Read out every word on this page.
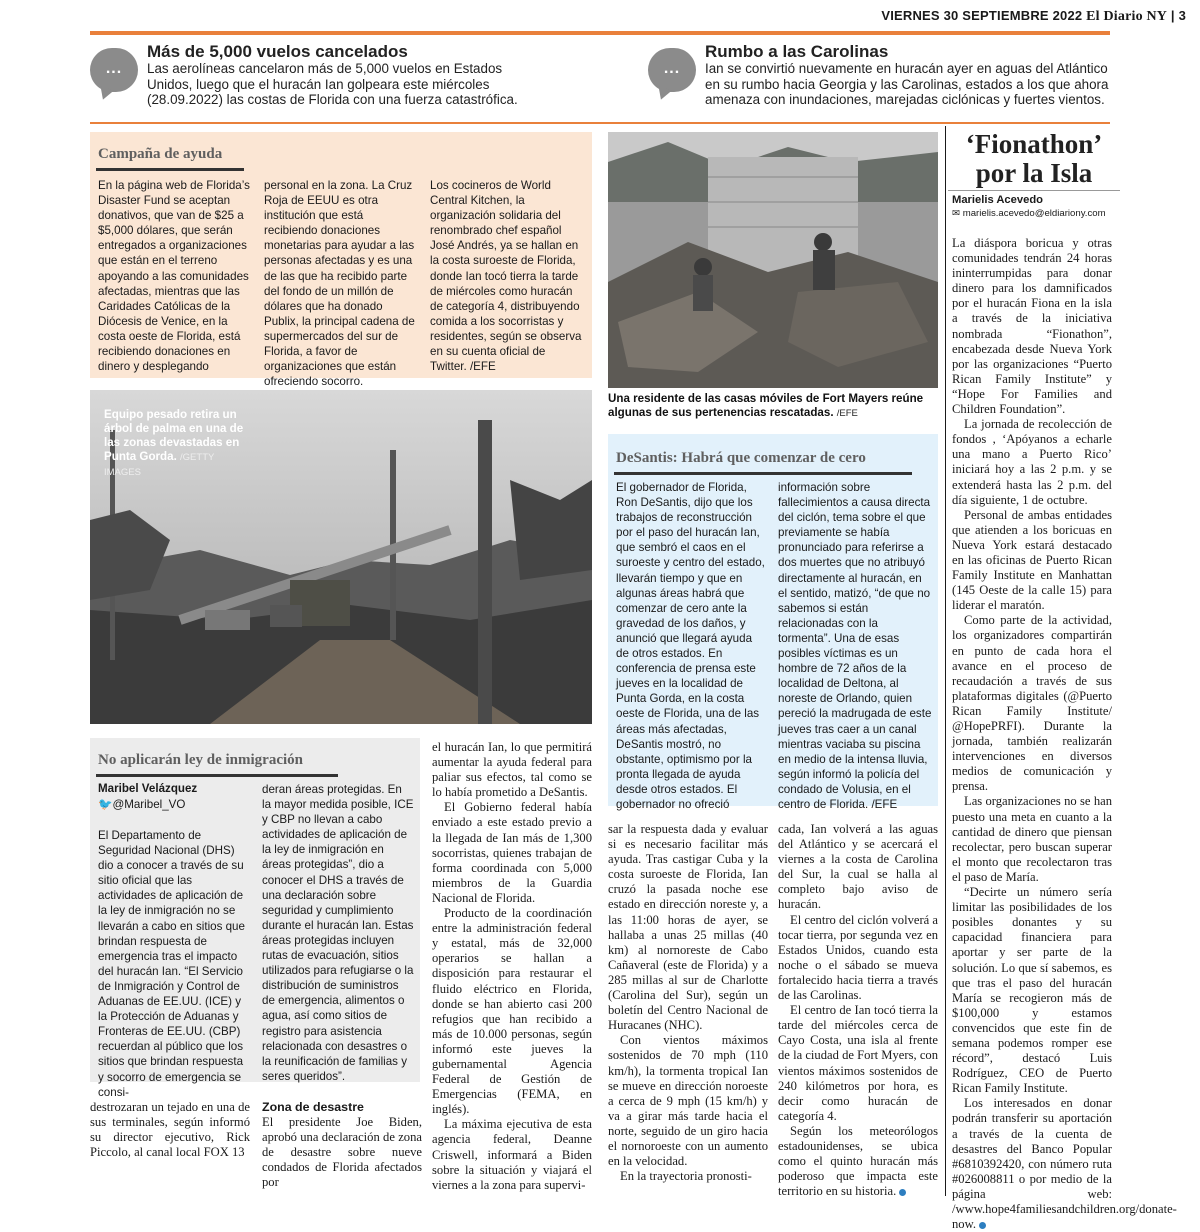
VIERNES 30 SEPTIEMBRE 2022 El Diario NY | 3
...
Más de 5,000 vuelos cancelados

Las aerolíneas cancelaron más de 5,000 vuelos en Estados Unidos, luego que el huracán Ian golpeara este miércoles (28.09.2022) las costas de Florida con una fuerza catastrófica.

...
Rumbo a las Carolinas

Ian se convirtió nuevamente en huracán ayer en aguas del Atlántico en su rumbo hacia Georgia y las Carolinas, estados a los que ahora amenaza con inundaciones, marejadas ciclónicas y fuertes vientos.

Campaña de ayuda
En la página web de Florida’s Disaster Fund se aceptan donativos, que van de $25 a $5,000 dólares, que serán entregados a organizaciones que están en el terreno apoyando a las comunidades afectadas, mientras que las Caridades Católicas de la Diócesis de Venice, en la costa oeste de Florida, está recibiendo donaciones en dinero y desplegando
personal en la zona. La Cruz Roja de EEUU es otra institución que está recibiendo donaciones monetarias para ayudar a las personas afectadas y es una de las que ha recibido parte del fondo de un millón de dólares que ha donado Publix, la principal cadena de supermercados del sur de Florida, a favor de organizaciones que están ofreciendo socorro.
Los cocineros de World Central Kitchen, la organización solidaria del renombrado chef español José Andrés, ya se hallan en la costa suroeste de Florida, donde Ian tocó tierra la tarde de miércoles como huracán de categoría 4, distribuyendo comida a los socorristas y residentes, según se observa en su cuenta oficial de Twitter. /EFE
Equipo pesado retira un árbol de palma en una de las zonas devastadas en Punta Gorda. /GETTY IMAGES
Una residente de las casas móviles de Fort Mayers reúne algunas de sus pertenencias rescatadas. /EFE
DeSantis: Habrá que comenzar de cero
El gobernador de Florida, Ron DeSantis, dijo que los trabajos de reconstrucción por el paso del huracán Ian, que sembró el caos en el suroeste y centro del estado, llevarán tiempo y que en algunas áreas habrá que comenzar de cero ante la gravedad de los daños, y anunció que llegará ayuda de otros estados. En conferencia de prensa este jueves en la localidad de Punta Gorda, en la costa oeste de Florida, una de las áreas más afectadas, DeSantis mostró, no obstante, optimismo por la pronta llegada de ayuda desde otros estados. El gobernador no ofreció
información sobre fallecimientos a causa directa del ciclón, tema sobre el que previamente se había pronunciado para referirse a dos muertes que no atribuyó directamente al huracán, en el sentido, matizó, “de que no sabemos si están relacionadas con la tormenta”. Una de esas posibles víctimas es un hombre de 72 años de la localidad de Deltona, al noreste de Orlando, quien pereció la madrugada de este jueves tras caer a un canal mientras vaciaba su piscina en medio de la intensa lluvia, según informó la policía del condado de Volusia, en el centro de Florida. /EFE
No aplicarán ley de inmigración
Maribel Velázquez
🐦@Maribel_VO
El Departamento de Seguridad Nacional (DHS) dio a conocer a través de su sitio oficial que las actividades de aplicación de la ley de inmigración no se llevarán a cabo en sitios que brindan respuesta de emergencia tras el impacto del huracán Ian. “El Servicio de Inmigración y Control de Aduanas de EE.UU. (ICE) y la Protección de Aduanas y Fronteras de EE.UU. (CBP) recuerdan al público que los sitios que brindan respuesta y socorro de emergencia se consi-
deran áreas protegidas. En la mayor medida posible, ICE y CBP no llevan a cabo actividades de aplicación de la ley de inmigración en áreas protegidas”, dio a conocer el DHS a través de una declaración sobre seguridad y cumplimiento durante el huracán Ian. Estas áreas protegidas incluyen rutas de evacuación, sitios utilizados para refugiarse o la distribución de suministros de emergencia, alimentos o agua, así como sitios de registro para asistencia relacionada con desastres o la reunificación de familias y seres queridos”.

el huracán Ian, lo que permitirá aumentar la ayuda federal para paliar sus efectos, tal como se lo había prometido a DeSantis.

El Gobierno federal había enviado a este estado previo a la llegada de Ian más de 1,300 socorristas, quienes trabajan de forma coordinada con 5,000 miembros de la Guardia Nacional de Florida.

Producto de la coordinación entre la administración federal y estatal, más de 32,000 operarios se hallan a disposición para restaurar el fluido eléctrico en Florida, donde se han abierto casi 200 refugios que han recibido a más de 10.000 personas, según informó este jueves la gubernamental Agencia Federal de Gestión de Emergencias (FEMA, en inglés).

La máxima ejecutiva de esta agencia federal, Deanne Criswell, informará a Biden sobre la situación y viajará el viernes a la zona para supervi-

sar la respuesta dada y evaluar si es necesario facilitar más ayuda. Tras castigar Cuba y la costa suroeste de Florida, Ian cruzó la pasada noche ese estado en dirección noreste y, a las 11:00 horas de ayer, se hallaba a unas 25 millas (40 km) al nornoreste de Cabo Cañaveral (este de Florida) y a 285 millas al sur de Charlotte (Carolina del Sur), según un boletín del Centro Nacional de Huracanes (NHC).

Con vientos máximos sostenidos de 70 mph (110 km/h), la tormenta tropical Ian se mueve en dirección noroeste a cerca de 9 mph (15 km/h) y va a girar más tarde hacia el norte, seguido de un giro hacia el nornoroeste con un aumento en la velocidad.

En la trayectoria pronosti-

cada, Ian volverá a las aguas del Atlántico y se acercará el viernes a la costa de Carolina del Sur, la cual se halla al completo bajo aviso de huracán.

El centro del ciclón volverá a tocar tierra, por segunda vez en Estados Unidos, cuando esta noche o el sábado se mueva fortalecido hacia tierra a través de las Carolinas.

El centro de Ian tocó tierra la tarde del miércoles cerca de Cayo Costa, una isla al frente de la ciudad de Fort Myers, con vientos máximos sostenidos de 240 kilómetros por hora, es decir como huracán de categoría 4.

Según los meteorólogos estadounidenses, se ubica como el quinto huracán más poderoso que impacta este territorio en su historia.

destrozaran un tejado en una de sus terminales, según informó su director ejecutivo, Rick Piccolo, al canal local FOX 13

Zona de desastre
El presidente Joe Biden, aprobó una declaración de zona de desastre sobre nueve condados de Florida afectados por
‘Fionathon’ por la Isla
Marielis Acevedo
✉ marielis.acevedo@eldiariony.com

La diáspora boricua y otras comunidades tendrán 24 horas ininterrumpidas para donar dinero para los damnificados por el huracán Fiona en la isla a través de la iniciativa nombrada “Fionathon”, encabezada desde Nueva York por las organizaciones “Puerto Rican Family Institute” y “Hope For Families and Children Foundation”.

La jornada de recolección de fondos , ‘Apóyanos a echarle una mano a Puerto Rico’ iniciará hoy a las 2 p.m. y se extenderá hasta las 2 p.m. del día siguiente, 1 de octubre.

Personal de ambas entidades que atienden a los boricuas en Nueva York estará destacado en las oficinas de Puerto Rican Family Institute en Manhattan (145 Oeste de la calle 15) para liderar el maratón.

Como parte de la actividad, los organizadores compartirán en punto de cada hora el avance en el proceso de recaudación a través de sus plataformas digitales (@Puerto Rican Family Institute/ @HopePRFI). Durante la jornada, también realizarán intervenciones en diversos medios de comunicación y prensa.

Las organizaciones no se han puesto una meta en cuanto a la cantidad de dinero que piensan recolectar, pero buscan superar el monto que recolectaron tras el paso de María.

“Decirte un número sería limitar las posibilidades de los posibles donantes y su capacidad financiera para aportar y ser parte de la solución. Lo que sí sabemos, es que tras el paso del huracán María se recogieron más de $100,000 y estamos convencidos que este fin de semana podemos romper ese récord”, destacó Luis Rodríguez, CEO de Puerto Rican Family Institute.

Los interesados en donar podrán transferir su aportación a través de la cuenta de desastres del Banco Popular #6810392420, con número ruta #026008811 o por medio de la página web: /www.hope4familiesandchildren.org/donate-now.
